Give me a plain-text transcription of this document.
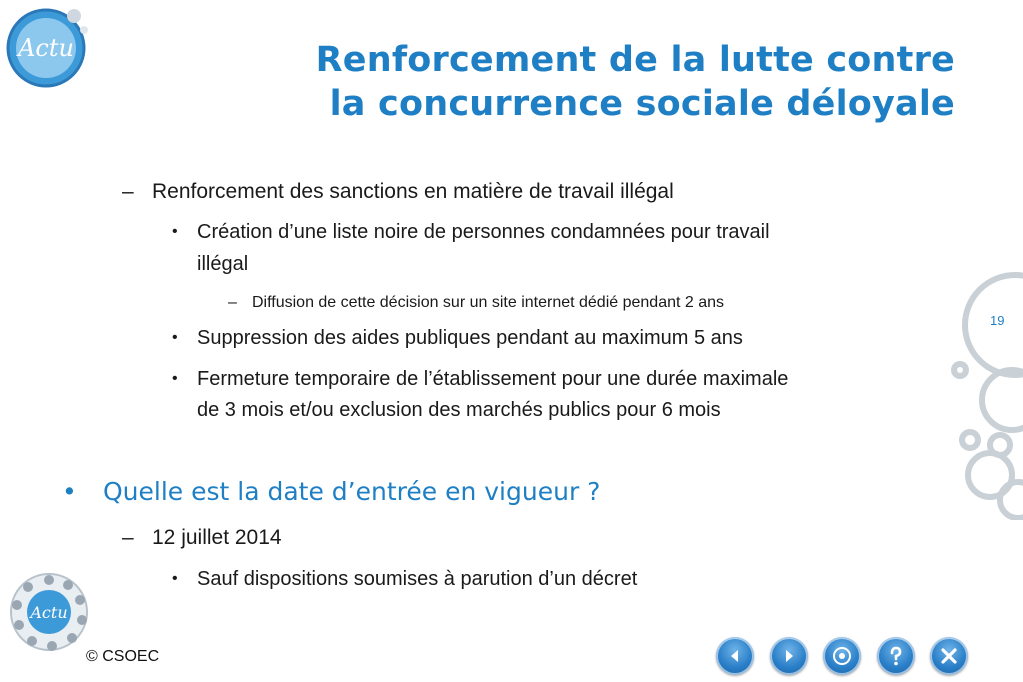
Actu	Renforcement de la lutte contre
la concurrence sociale déloyale
19
– Renforcement des sanctions en matière de travail illégal
• Création d’une liste noire de personnes condamnées pour travail
illégal
– Diffusion de cette décision sur un site internet dédié pendant 2 ans
• Suppression des aides publiques pendant au maximum 5 ans
• Fermeture temporaire de l’établissement pour une durée maximale
de 3 mois et/ou exclusion des marchés publics pour 6 mois
• Quelle est la date d’entrée en vigueur ?
– 12 juillet 2014
• Sauf dispositions soumises à parution d’un décret
Actu
© CSOEC
